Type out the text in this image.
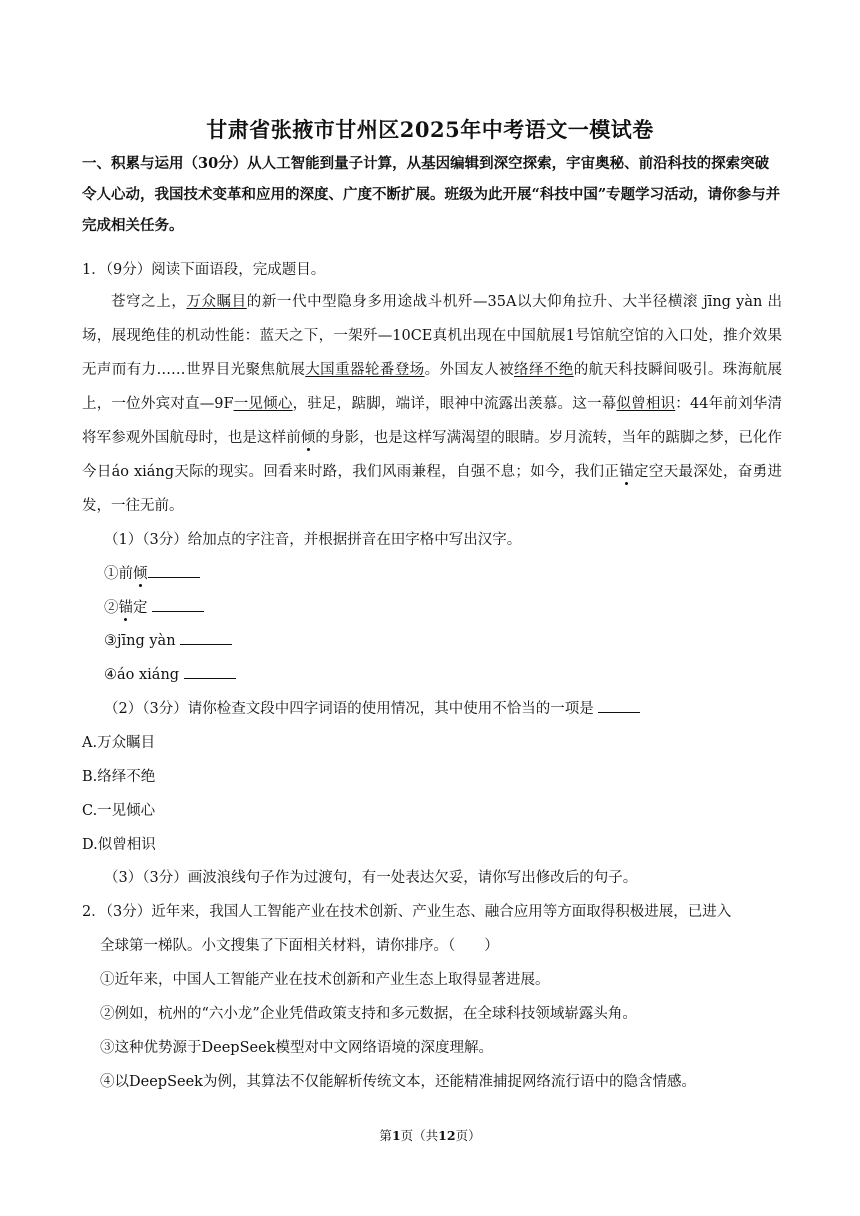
甘肃省张掖市甘州区2025年中考语文一模试卷
一、积累与运用（30分）从人工智能到量子计算，从基因编辑到深空探索，宇宙奥秘、前沿科技的探索突破令人心动，我国技术变革和应用的深度、广度不断扩展。班级为此开展“科技中国”专题学习活动，请你参与并完成相关任务。
1．（9分）阅读下面语段，完成题目。
苍穹之上，万众瞩目的新一代中型隐身多用途战斗机歼—35A以大仰角拉升、大半径横滚 jīng yàn 出场，展现绝佳的机动性能：蓝天之下，一架歼—10CE真机出现在中国航展1号馆航空馆的入口处，推介效果无声而有力……世界目光聚焦航展大国重器轮番登场。外国友人被络绎不绝的航天科技瞬间吸引。珠海航展上，一位外宾对直—9F一见倾心，驻足，踮脚，端详，眼神中流露出羡慕。这一幕似曾相识：44年前刘华清将军参观外国航母时，也是这样前倾的身影，也是这样写满渴望的眼睛。岁月流转，当年的踮脚之梦，已化作今日áo xiáng天际的现实。回看来时路，我们风雨兼程，自强不息；如今，我们正锚定空天最深处，奋勇进发，一往无前。
（1）（3分）给加点的字注音，并根据拼音在田字格中写出汉字。
①前倾
②锚定
③jīng yàn
④áo xiáng
（2）（3分）请你检查文段中四字词语的使用情况，其中使用不恰当的一项是
A.万众瞩目
B.络绎不绝
C.一见倾心
D.似曾相识
（3）（3分）画波浪线句子作为过渡句，有一处表达欠妥，请你写出修改后的句子。
2．（3分）近年来，我国人工智能产业在技术创新、产业生态、融合应用等方面取得积极进展，已进入
全球第一梯队。小文搜集了下面相关材料，请你排序。（　　）
①近年来，中国人工智能产业在技术创新和产业生态上取得显著进展。
②例如，杭州的“六小龙”企业凭借政策支持和多元数据，在全球科技领域崭露头角。
③这种优势源于DeepSeek模型对中文网络语境的深度理解。
④以DeepSeek为例，其算法不仅能解析传统文本，还能精准捕捉网络流行语中的隐含情感。
第1页（共12页）
